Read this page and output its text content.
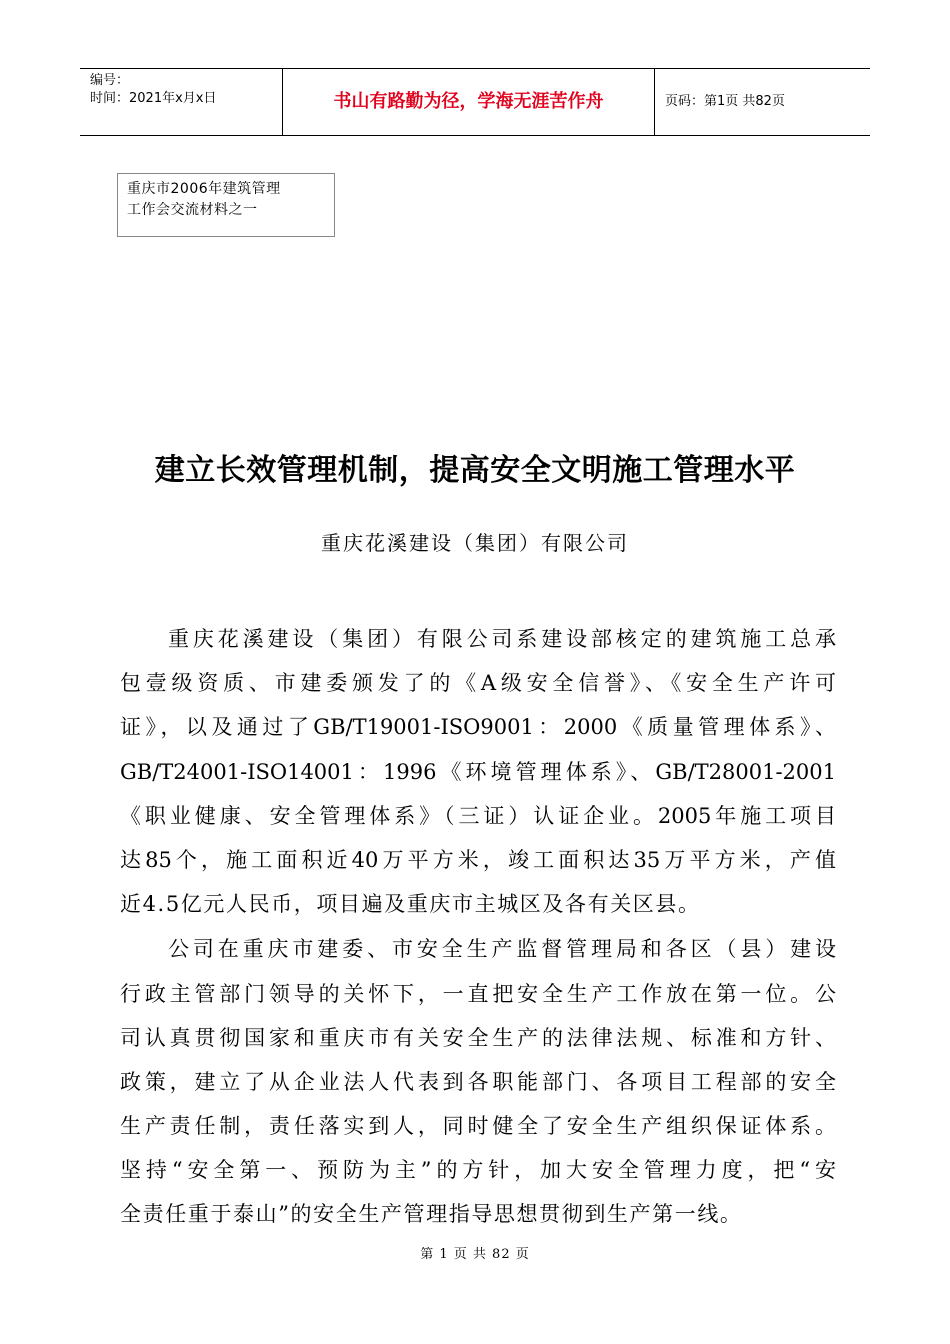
编号：
时间：2021年x月x日	书山有路勤为径，学海无涯苦作舟	页码：第1页 共82页
重庆市2006年建筑管理
工作会交流材料之一
建立长效管理机制，提高安全文明施工管理水平
重庆花溪建设（集团）有限公司
重庆花溪建设（集团）有限公司系建设部核定的建筑施工总承
包壹级资质、市建委颁发了的《A级安全信誉》、《安全生产许可
证》，以及通过了GB/T19001-ISO9001：2000《质量管理体系》、
GB/T24001-ISO14001：1996《环境管理体系》、GB/T28001-2001
《职业健康、安全管理体系》（三证）认证企业。2005年施工项目
达85个，施工面积近40万平方米，竣工面积达35万平方米，产值
近4.5亿元人民币，项目遍及重庆市主城区及各有关区县。
公司在重庆市建委、市安全生产监督管理局和各区（县）建设
行政主管部门领导的关怀下，一直把安全生产工作放在第一位。公
司认真贯彻国家和重庆市有关安全生产的法律法规、标准和方针、
政策，建立了从企业法人代表到各职能部门、各项目工程部的安全
生产责任制，责任落实到人，同时健全了安全生产组织保证体系。
坚持“安全第一、预防为主”的方针，加大安全管理力度，把“安
全责任重于泰山”的安全生产管理指导思想贯彻到生产第一线。
第 1 页 共 82 页
